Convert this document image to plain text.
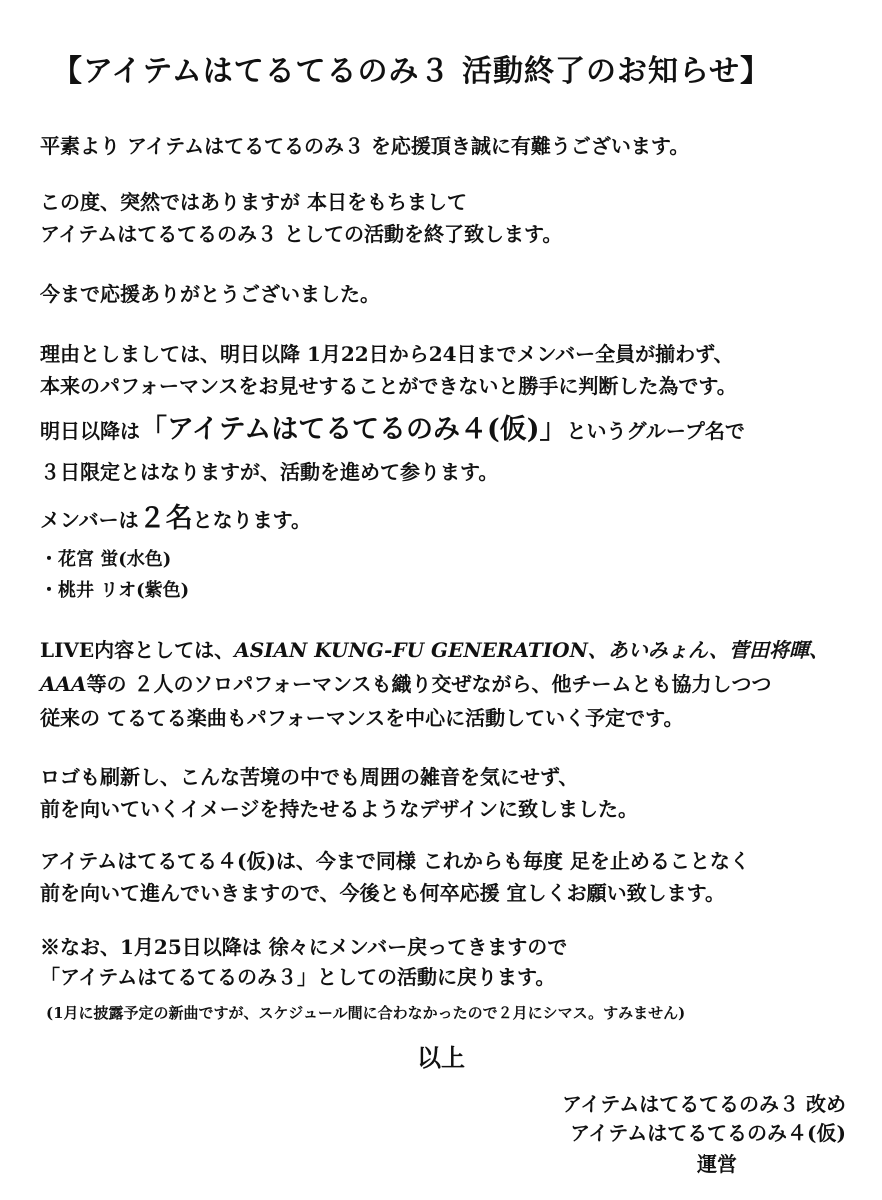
【アイテムはてるてるのみ３ 活動終了のお知らせ】
平素より アイテムはてるてるのみ３ を応援頂き誠に有難うございます。
この度、突然ではありますが 本日をもちまして
アイテムはてるてるのみ３ としての活動を終了致します。
今まで応援ありがとうございました。
理由としましては、明日以降 1月22日から24日までメンバー全員が揃わず、
本来のパフォーマンスをお見せすることができないと勝手に判断した為です。
明日以降は「アイテムはてるてるのみ４(仮)」というグループ名で
３日限定とはなりますが、活動を進めて参ります。
メンバーは２名となります。
・花宮 蛍(水色)
・桃井 リオ(紫色)
LIVE内容としては、ASIAN KUNG-FU GENERATION、あいみょん、菅田将暉、
AAA等の ２人のソロパフォーマンスも織り交ぜながら、他チームとも協力しつつ
従来の てるてる楽曲もパフォーマンスを中心に活動していく予定です。
ロゴも刷新し、こんな苦境の中でも周囲の雑音を気にせず、
前を向いていくイメージを持たせるようなデザインに致しました。
アイテムはてるてる４(仮)は、今まで同様 これからも毎度 足を止めることなく
前を向いて進んでいきますので、今後とも何卒応援 宜しくお願い致します。
※なお、1月25日以降は 徐々にメンバー戻ってきますので
「アイテムはてるてるのみ３」としての活動に戻ります。
(1月に披露予定の新曲ですが、スケジュール間に合わなかったので２月にシマス。すみません)
以上
アイテムはてるてるのみ３ 改め
アイテムはてるてるのみ４(仮)
運営
